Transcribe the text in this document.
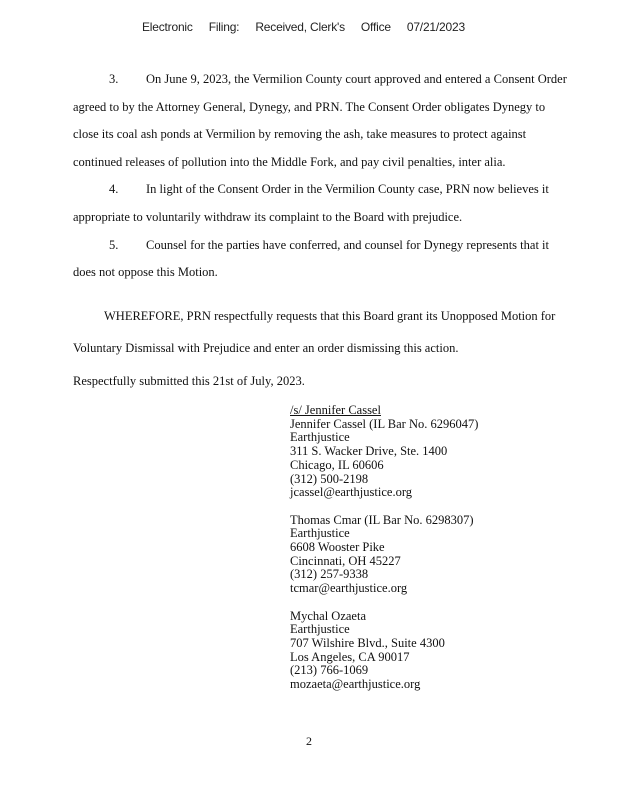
Electronic Filing: Received, Clerk's Office 07/21/2023

3. On June 9, 2023, the Vermilion County court approved and entered a Consent Order agreed to by the Attorney General, Dynegy, and PRN. The Consent Order obligates Dynegy to close its coal ash ponds at Vermilion by removing the ash, take measures to protect against continued releases of pollution into the Middle Fork, and pay civil penalties, inter alia.

4. In light of the Consent Order in the Vermilion County case, PRN now believes it appropriate to voluntarily withdraw its complaint to the Board with prejudice.

5. Counsel for the parties have conferred, and counsel for Dynegy represents that it does not oppose this Motion.

WHEREFORE, PRN respectfully requests that this Board grant its Unopposed Motion for Voluntary Dismissal with Prejudice and enter an order dismissing this action.
Respectfully submitted this 21st of July, 2023.
/s/ Jennifer Cassel
Jennifer Cassel (IL Bar No. 6296047)
Earthjustice
311 S. Wacker Drive, Ste. 1400
Chicago, IL 60606
(312) 500-2198
jcassel@earthjustice.org
Thomas Cmar (IL Bar No. 6298307)
Earthjustice
6608 Wooster Pike
Cincinnati, OH 45227
(312) 257-9338
tcmar@earthjustice.org
Mychal Ozaeta
Earthjustice
707 Wilshire Blvd., Suite 4300
Los Angeles, CA 90017
(213) 766-1069
mozaeta@earthjustice.org
2
